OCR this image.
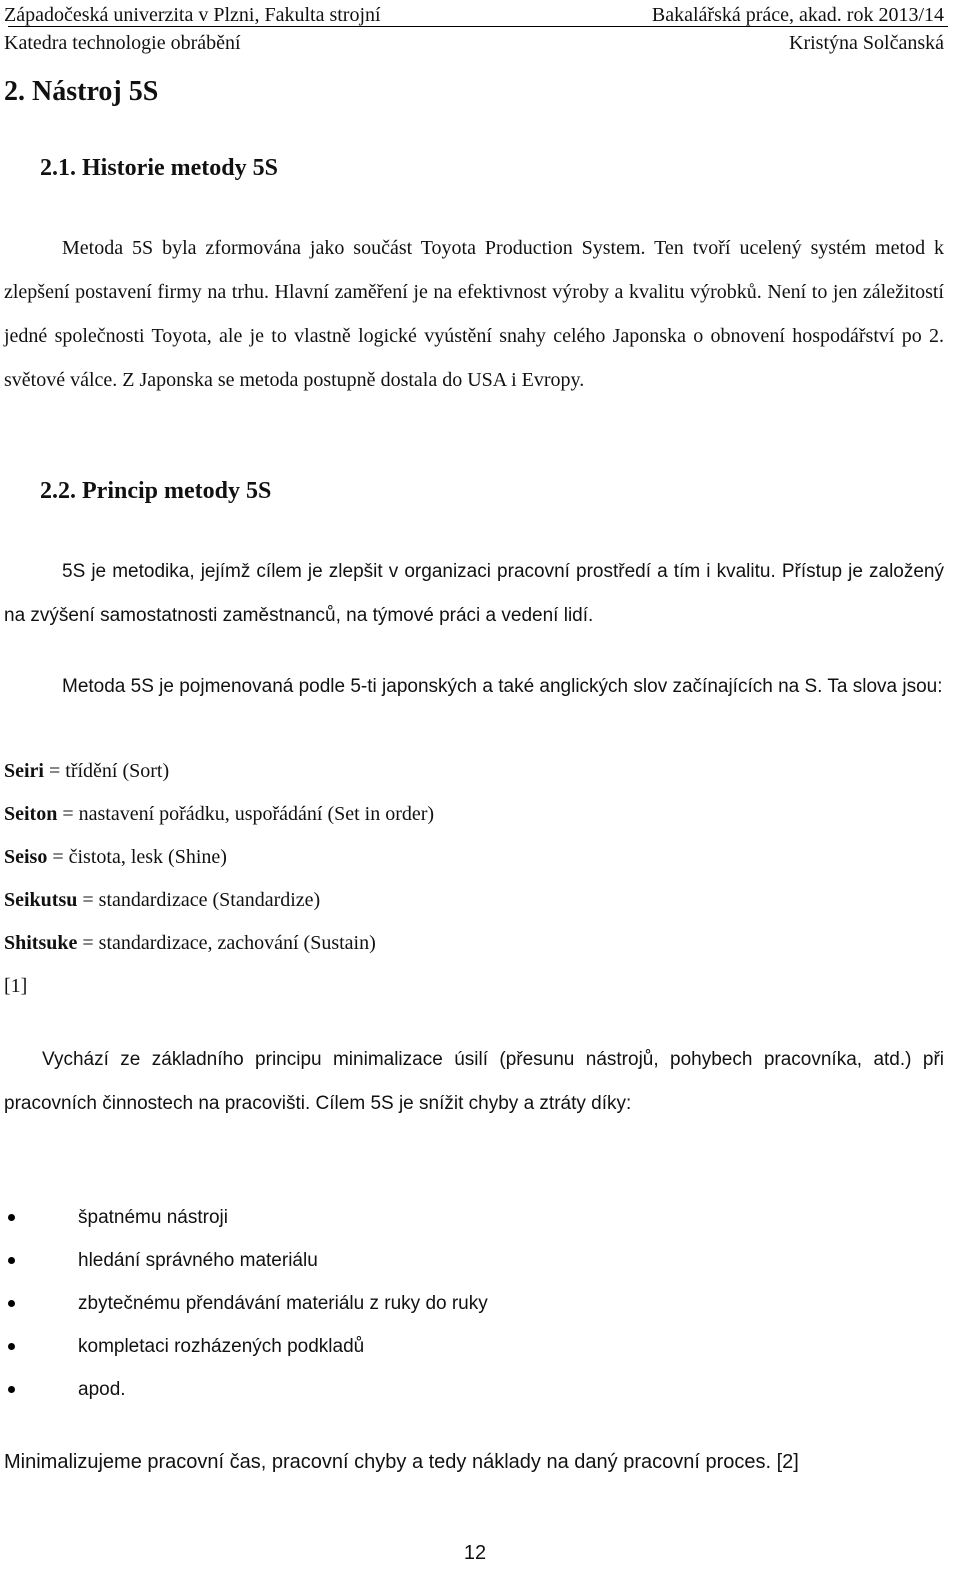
Západočeská univerzita v Plzni, Fakulta strojní	Bakalářská práce, akad. rok 2013/14
Katedra technologie obrábění	Kristýna Solčanská
2. Nástroj 5S
2.1. Historie metody 5S
Metoda 5S byla zformována jako součást Toyota Production System. Ten tvoří ucelený systém metod k zlepšení postavení firmy na trhu. Hlavní zaměření je na efektivnost výroby a kvalitu výrobků. Není to jen záležitostí jedné společnosti Toyota, ale je to vlastně logické vyústění snahy celého Japonska o obnovení hospodářství po 2. světové válce. Z Japonska se metoda postupně dostala do USA i Evropy.
2.2. Princip metody 5S
5S je metodika, jejímž cílem je zlepšit v organizaci pracovní prostředí a tím i kvalitu. Přístup je založený na zvýšení samostatnosti zaměstnanců, na týmové práci a vedení lidí.
Metoda 5S je pojmenovaná podle 5-ti japonských a také anglických slov začínajících na S. Ta slova jsou:
Seiri = třídění (Sort)
Seiton = nastavení pořádku, uspořádání (Set in order)
Seiso = čistota, lesk (Shine)
Seikutsu = standardizace (Standardize)
Shitsuke = standardizace, zachování (Sustain)
[1]
Vychází ze základního principu minimalizace úsilí (přesunu nástrojů, pohybech pracovníka, atd.) při pracovních činnostech na pracovišti. Cílem 5S je snížit chyby a ztráty díky:
špatnému nástroji
hledání správného materiálu
zbytečnému přendávání materiálu z ruky do ruky
kompletaci rozházených podkladů
apod.
Minimalizujeme pracovní čas, pracovní chyby a tedy náklady na daný pracovní proces. [2]
12
